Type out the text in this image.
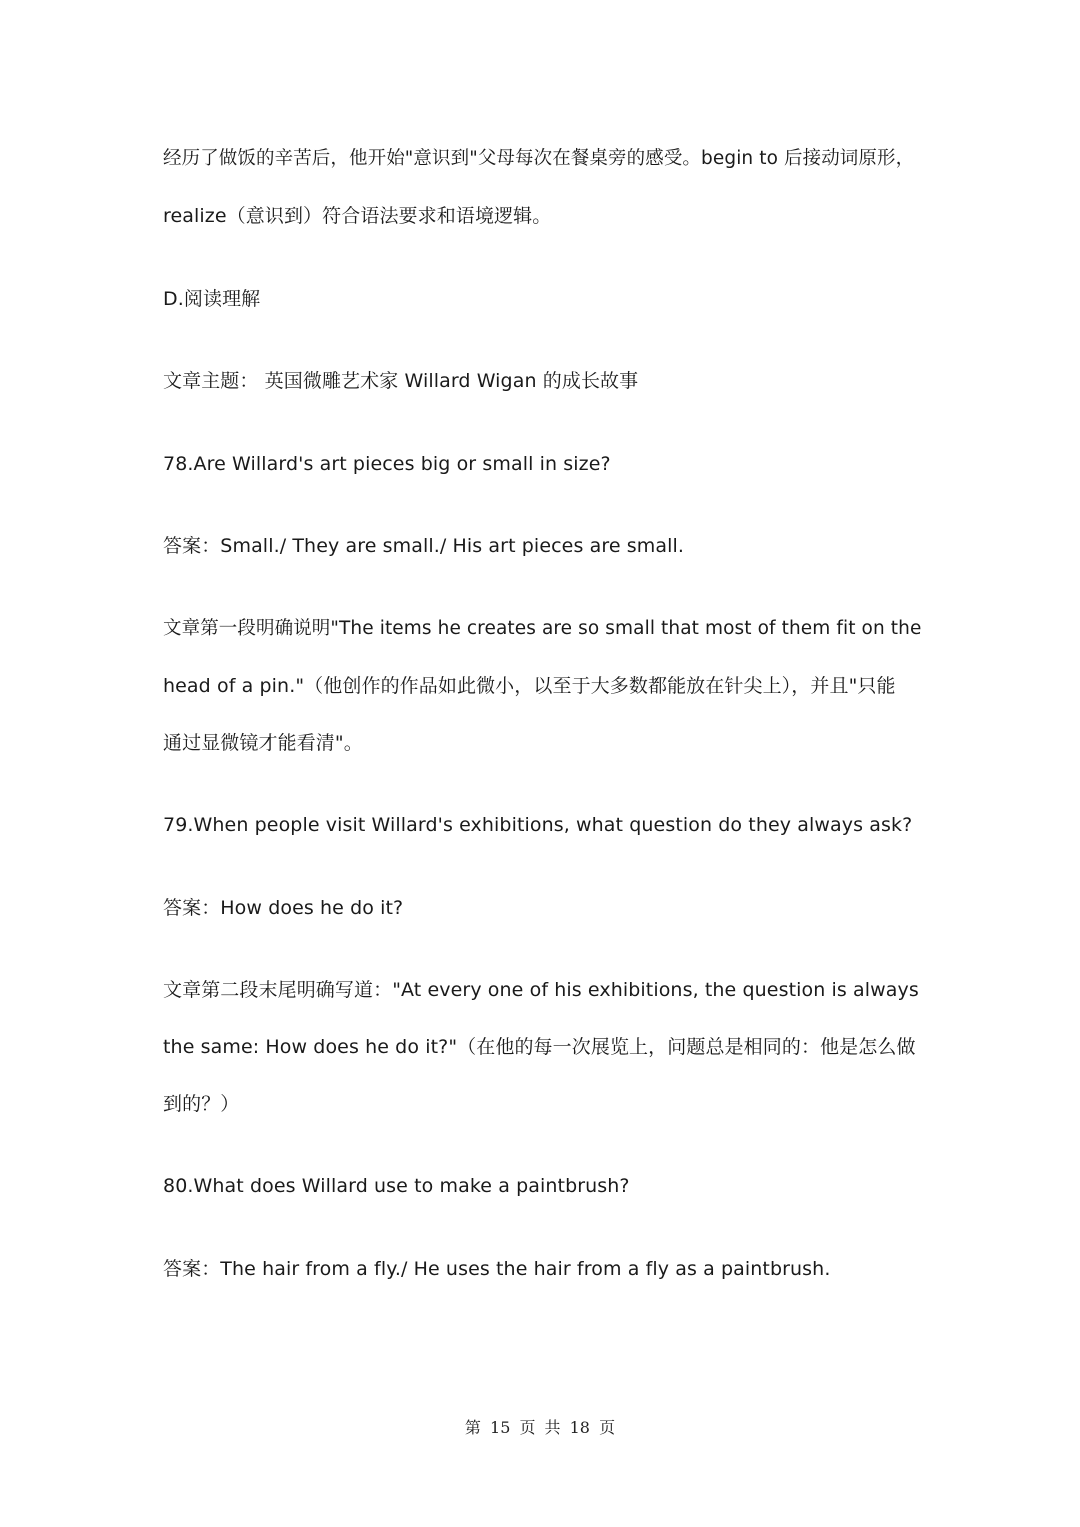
经历了做饭的辛苦后，他开始"意识到"父母每次在餐桌旁的感受。begin to 后接动词原形，
realize（意识到）符合语法要求和语境逻辑。
D.阅读理解
文章主题： 英国微雕艺术家 Willard Wigan 的成长故事
78.Are Willard's art pieces big or small in size?
答案：Small./ They are small./ His art pieces are small.
文章第一段明确说明"The items he creates are so small that most of them fit on the
head of a pin."（他创作的作品如此微小，以至于大多数都能放在针尖上），并且"只能
通过显微镜才能看清"。
79.When people visit Willard's exhibitions, what question do they always ask?
答案：How does he do it?
文章第二段末尾明确写道："At every one of his exhibitions, the question is always
the same: How does he do it?"（在他的每一次展览上，问题总是相同的：他是怎么做
到的？）
80.What does Willard use to make a paintbrush?
答案：The hair from a fly./ He uses the hair from a fly as a paintbrush.
第 15 页 共 18 页
